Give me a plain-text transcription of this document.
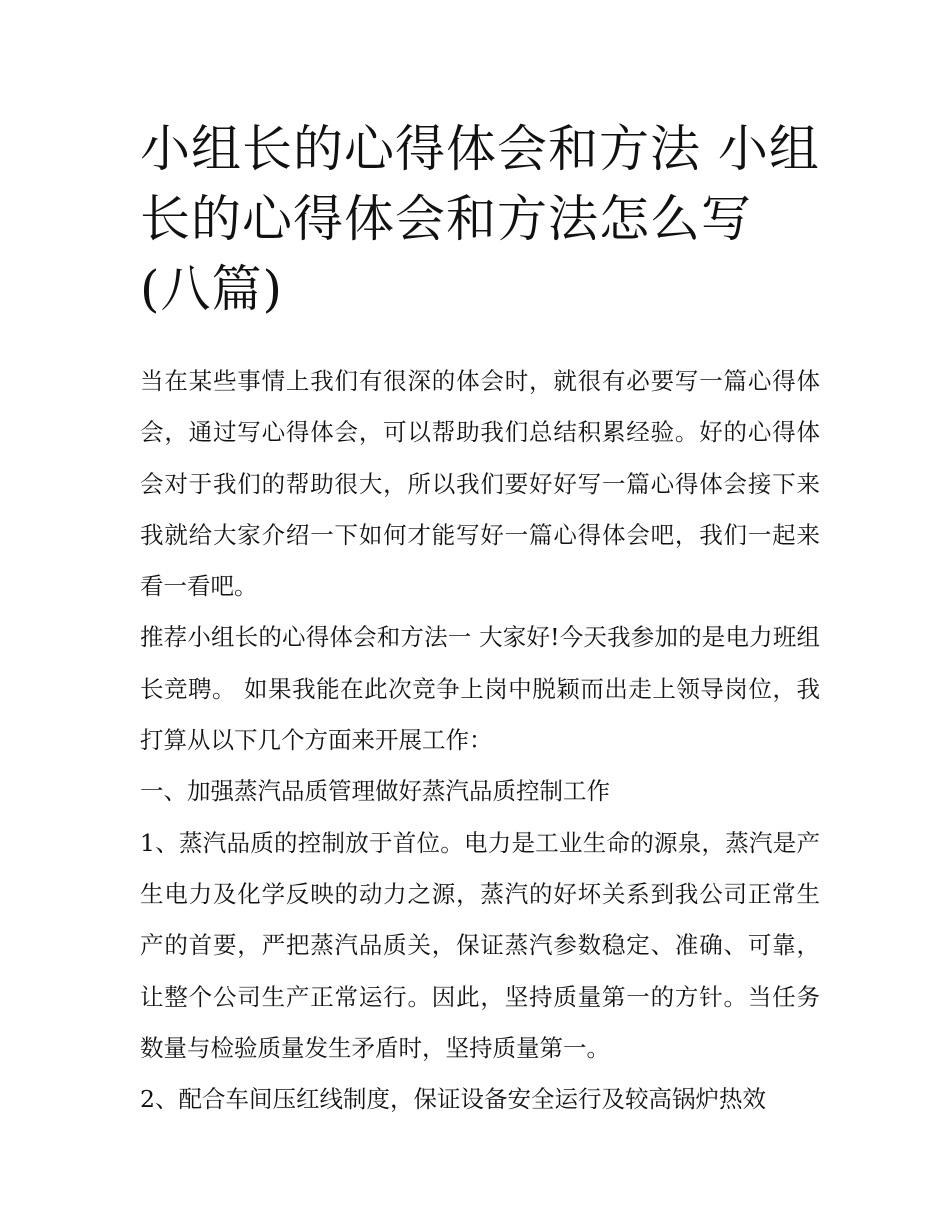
小组长的心得体会和方法 小组长的心得体会和方法怎么写(八篇)

当在某些事情上我们有很深的体会时，就很有必要写一篇心得体会，通过写心得体会，可以帮助我们总结积累经验。好的心得体会对于我们的帮助很大，所以我们要好好写一篇心得体会接下来我就给大家介绍一下如何才能写好一篇心得体会吧，我们一起来看一看吧。

推荐小组长的心得体会和方法一 大家好!今天我参加的是电力班组长竞聘。 如果我能在此次竞争上岗中脱颖而出走上领导岗位，我打算从以下几个方面来开展工作：

一、加强蒸汽品质管理做好蒸汽品质控制工作

1、蒸汽品质的控制放于首位。电力是工业生命的源泉，蒸汽是产生电力及化学反映的动力之源，蒸汽的好坏关系到我公司正常生产的首要，严把蒸汽品质关，保证蒸汽参数稳定、准确、可靠，让整个公司生产正常运行。因此，坚持质量第一的方针。当任务数量与检验质量发生矛盾时，坚持质量第一。

2、配合车间压红线制度，保证设备安全运行及较高锅炉热效
